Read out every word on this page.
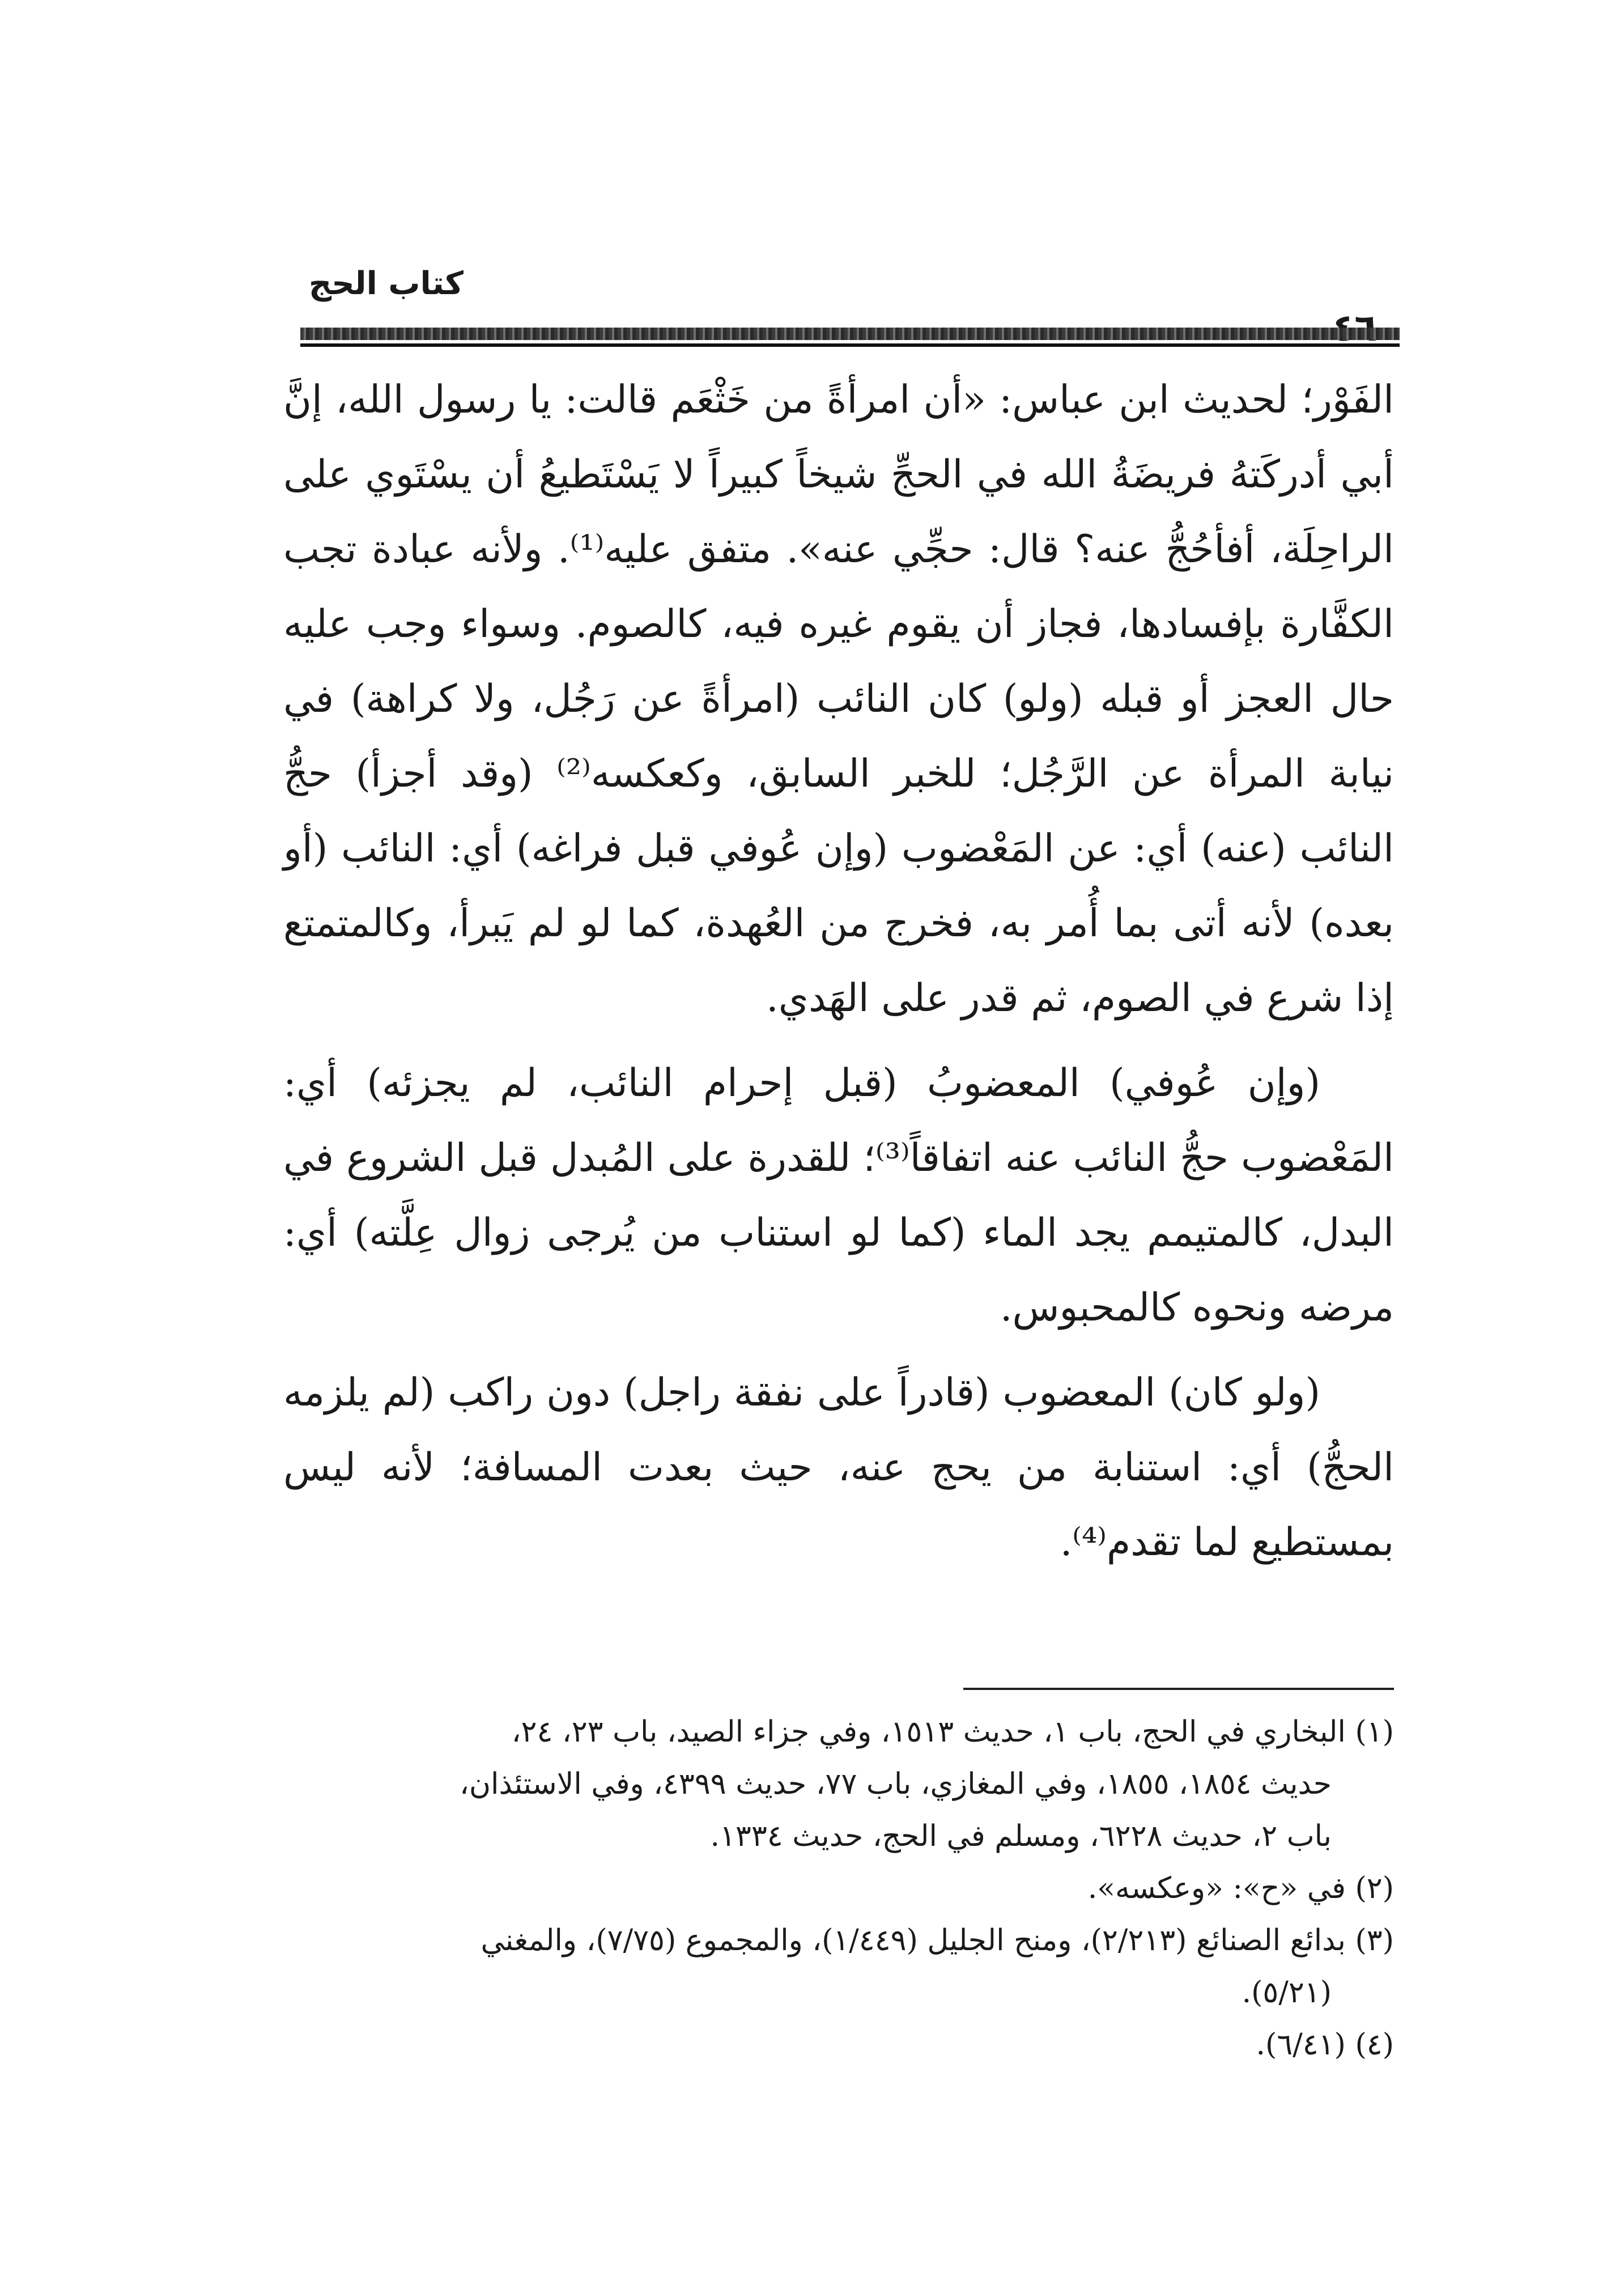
كتاب الحج

الفَوْر؛ لحديث ابن عباس: «أن امرأةً من خَثْعَم قالت: يا رسول الله، إنَّ أبي أدركَتهُ فريضَةُ الله في الحجِّ شيخاً كبيراً لا يَسْتَطيعُ أن يسْتَوي على الراحِلَة، أفأحُجُّ عنه؟ قال: حجِّي عنه». متفق عليه⁽¹⁾. ولأنه عبادة تجب الكفَّارة بإفسادها، فجاز أن يقوم غيره فيه، كالصوم. وسواء وجب عليه حال العجز أو قبله (ولو) كان النائب (امرأةً عن رَجُل، ولا كراهة) في نيابة المرأة عن الرَّجُل؛ للخبر السابق، وكعكسه⁽²⁾ (وقد أجزأ) حجُّ النائب (عنه) أي: عن المَعْضوب (وإن عُوفي قبل فراغه) أي: النائب (أو بعده) لأنه أتى بما أُمر به، فخرج من العُهدة، كما لو لم يَبرأ، وكالمتمتع إذا شرع في الصوم، ثم قدر على الهَدي.

(وإن عُوفي) المعضوبُ (قبل إحرام النائب، لم يجزئه) أي: المَعْضوب حجُّ النائب عنه اتفاقاً⁽³⁾؛ للقدرة على المُبدل قبل الشروع في البدل، كالمتيمم يجد الماء (كما لو استناب من يُرجى زوال عِلَّته) أي: مرضه ونحوه كالمحبوس.

(ولو كان) المعضوب (قادراً على نفقة راجل) دون راكب (لم يلزمه الحجُّ) أي: استنابة من يحج عنه، حيث بعدت المسافة؛ لأنه ليس بمستطيع لما تقدم⁽⁴⁾.

(١) البخاري في الحج، باب ١، حديث ١٥١٣، وفي جزاء الصيد، باب ٢٣، ٢٤،
حديث ١٨٥٤، ١٨٥٥، وفي المغازي، باب ٧٧، حديث ٤٣٩٩، وفي الاستئذان،
باب ٢، حديث ٦٢٢٨، ومسلم في الحج، حديث ١٣٣٤.
(٢) في «ح»: «وعكسه».
(٣) بدائع الصنائع (٢/٢١٣)، ومنح الجليل (١/٤٤٩)، والمجموع (٧/٧٥)، والمغني
(٥/٢١).
(٤) (٦/٤١).
